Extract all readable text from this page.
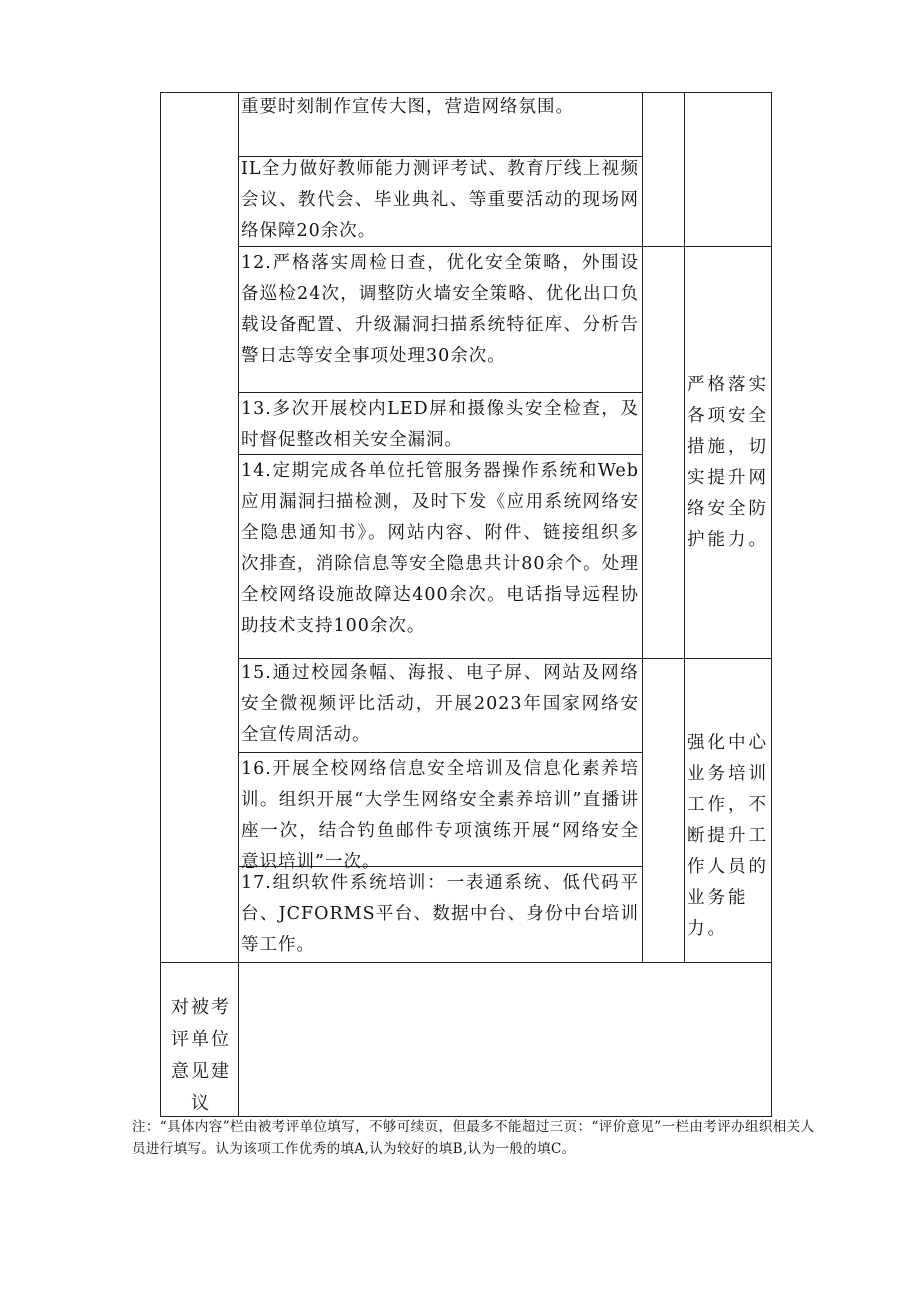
重要时刻制作宣传大图，营造网络氛围。
IL全力做好教师能力测评考试、教育厅线上视频会议、教代会、毕业典礼、等重要活动的现场网络保障20余次。
12.严格落实周检日查，优化安全策略，外围设备巡检24次，调整防火墙安全策略、优化出口负载设备配置、升级漏洞扫描系统特征库、分析告警日志等安全事项处理30余次。
13.多次开展校内LED屏和摄像头安全检查，及时督促整改相关安全漏洞。
14.定期完成各单位托管服务器操作系统和Web应用漏洞扫描检测，及时下发《应用系统网络安全隐患通知书》。网站内容、附件、链接组织多次排查，消除信息等安全隐患共计80余个。处理全校网络设施故障达400余次。电话指导远程协助技术支持100余次。
15.通过校园条幅、海报、电子屏、网站及网络安全微视频评比活动，开展2023年国家网络安全宣传周活动。
16.开展全校网络信息安全培训及信息化素养培训。组织开展“大学生网络安全素养培训”直播讲座一次，结合钓鱼邮件专项演练开展“网络安全意识培训”一次。
17.组织软件系统培训：一表通系统、低代码平台、JCFORMS平台、数据中台、身份中台培训等工作。
严格落实各项安全措施，切实提升网络安全防护能力。
强化中心业务培训工作，不断提升工作人员的业务能力。
对被考评单位意见建议
注：“具体内容”栏由被考评单位填写，不够可续页，但最多不能超过三页：“评价意见”一栏由考评办组织相关人员进行填写。认为该项工作优秀的填A,认为较好的填B,认为一般的填C。
